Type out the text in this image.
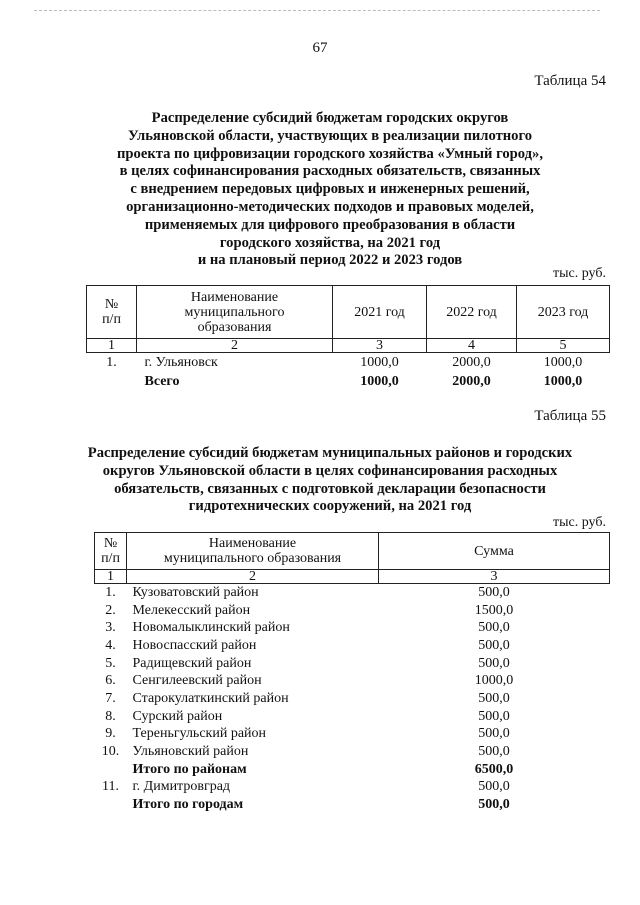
67
Таблица 54
Распределение субсидий бюджетам городских округов
Ульяновской области, участвующих в реализации пилотного
проекта по цифровизации городского хозяйства «Умный город»,
в целях софинансирования расходных обязательств, связанных
с внедрением передовых цифровых и инженерных решений,
организационно-методических подходов и правовых моделей,
применяемых для цифрового преобразования в области
городского хозяйства, на 2021 год
и на плановый период 2022 и 2023 годов
тыс. руб.
№
п/п	Наименование
муниципального
образования	2021 год	2022 год	2023 год
1	2	3	4	5
1.	г. Ульяновск	1000,0	2000,0	1000,0
	Всего	1000,0	2000,0	1000,0
Таблица 55
Распределение субсидий бюджетам муниципальных районов и городских
округов Ульяновской области в целях софинансирования расходных
обязательств, связанных с подготовкой декларации безопасности
гидротехнических сооружений, на 2021 год
тыс. руб.
№
п/п	Наименование
муниципального образования	Сумма
1	2	3
1.	Кузоватовский район	500,0
2.	Мелекесский район	1500,0
3.	Новомалыклинский район	500,0
4.	Новоспасский район	500,0
5.	Радищевский район	500,0
6.	Сенгилеевский район	1000,0
7.	Старокулаткинский район	500,0
8.	Сурский район	500,0
9.	Тереньгульский район	500,0
10.	Ульяновский район	500,0
	Итого по районам	6500,0
11.	г. Димитровград	500,0
	Итого по городам	500,0
